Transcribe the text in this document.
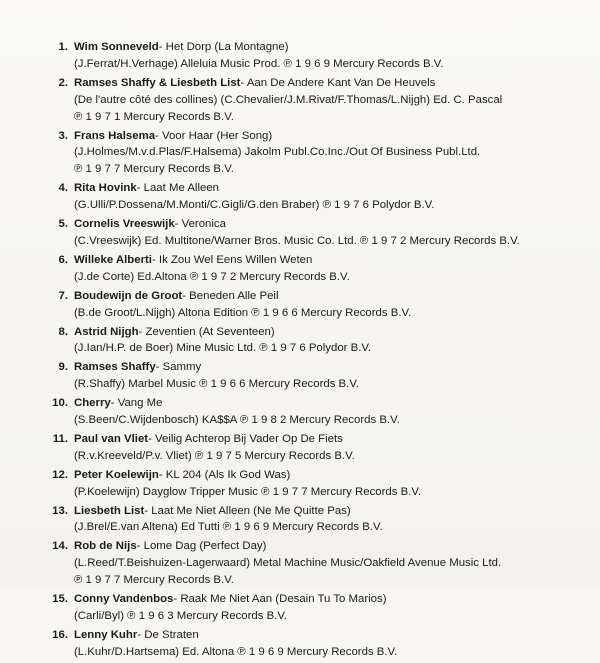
1. Wim Sonneveld - Het Dorp (La Montagne)
(J.Ferrat/H.Verhage) Alleluia Music Prod. ℗ 1 9 6 9 Mercury Records B.V.
2. Ramses Shaffy & Liesbeth List - Aan De Andere Kant Van De Heuvels
(De l'autre côté des collines) (C.Chevalier/J.M.Rivat/F.Thomas/L.Nijgh) Ed. C. Pascal
℗ 1 9 7 1 Mercury Records B.V.
3. Frans Halsema - Voor Haar (Her Song)
(J.Holmes/M.v.d.Plas/F.Halsema) Jakolm Publ.Co.Inc./Out Of Business Publ.Ltd.
℗ 1 9 7 7 Mercury Records B.V.
4. Rita Hovink - Laat Me Alleen
(G.Ulli/P.Dossena/M.Monti/C.Gigli/G.den Braber) ℗ 1 9 7 6 Polydor B.V.
5. Cornelis Vreeswijk - Veronica
(C.Vreeswijk) Ed. Multitone/Warner Bros. Music Co. Ltd. ℗ 1 9 7 2 Mercury Records B.V.
6. Willeke Alberti - Ik Zou Wel Eens Willen Weten
(J.de Corte) Ed.Altona ℗ 1 9 7 2 Mercury Records B.V.
7. Boudewijn de Groot - Beneden Alle Peil
(B.de Groot/L.Nijgh) Altona Edition ℗ 1 9 6 6 Mercury Records B.V.
8. Astrid Nijgh - Zeventien (At Seventeen)
(J.Ian/H.P. de Boer) Mine Music Ltd. ℗ 1 9 7 6 Polydor B.V.
9. Ramses Shaffy - Sammy
(R.Shaffy) Marbel Music ℗ 1 9 6 6 Mercury Records B.V.
10. Cherry - Vang Me
(S.Been/C.Wijdenbosch) KA$$A ℗ 1 9 8 2 Mercury Records B.V.
11. Paul van Vliet - Veilig Achterop Bij Vader Op De Fiets
(R.v.Kreeveld/P.v. Vliet) ℗ 1 9 7 5 Mercury Records B.V.
12. Peter Koelewijn - KL 204 (Als Ik God Was)
(P.Koelewijn) Dayglow Tripper Music ℗ 1 9 7 7 Mercury Records B.V.
13. Liesbeth List - Laat Me Niet Alleen (Ne Me Quitte Pas)
(J.Brel/E.van Altena) Ed Tutti ℗ 1 9 6 9 Mercury Records B.V.
14. Rob de Nijs - Lome Dag (Perfect Day)
(L.Reed/T.Beishuizen-Lagerwaard) Metal Machine Music/Oakfield Avenue Music Ltd.
℗ 1 9 7 7 Mercury Records B.V.
15. Conny Vandenbos - Raak Me Niet Aan (Desain Tu To Marios)
(Carli/Byl) ℗ 1 9 6 3 Mercury Records B.V.
16. Lenny Kuhr - De Straten
(L.Kuhr/D.Hartsema) Ed. Altona ℗ 1 9 6 9 Mercury Records B.V.
